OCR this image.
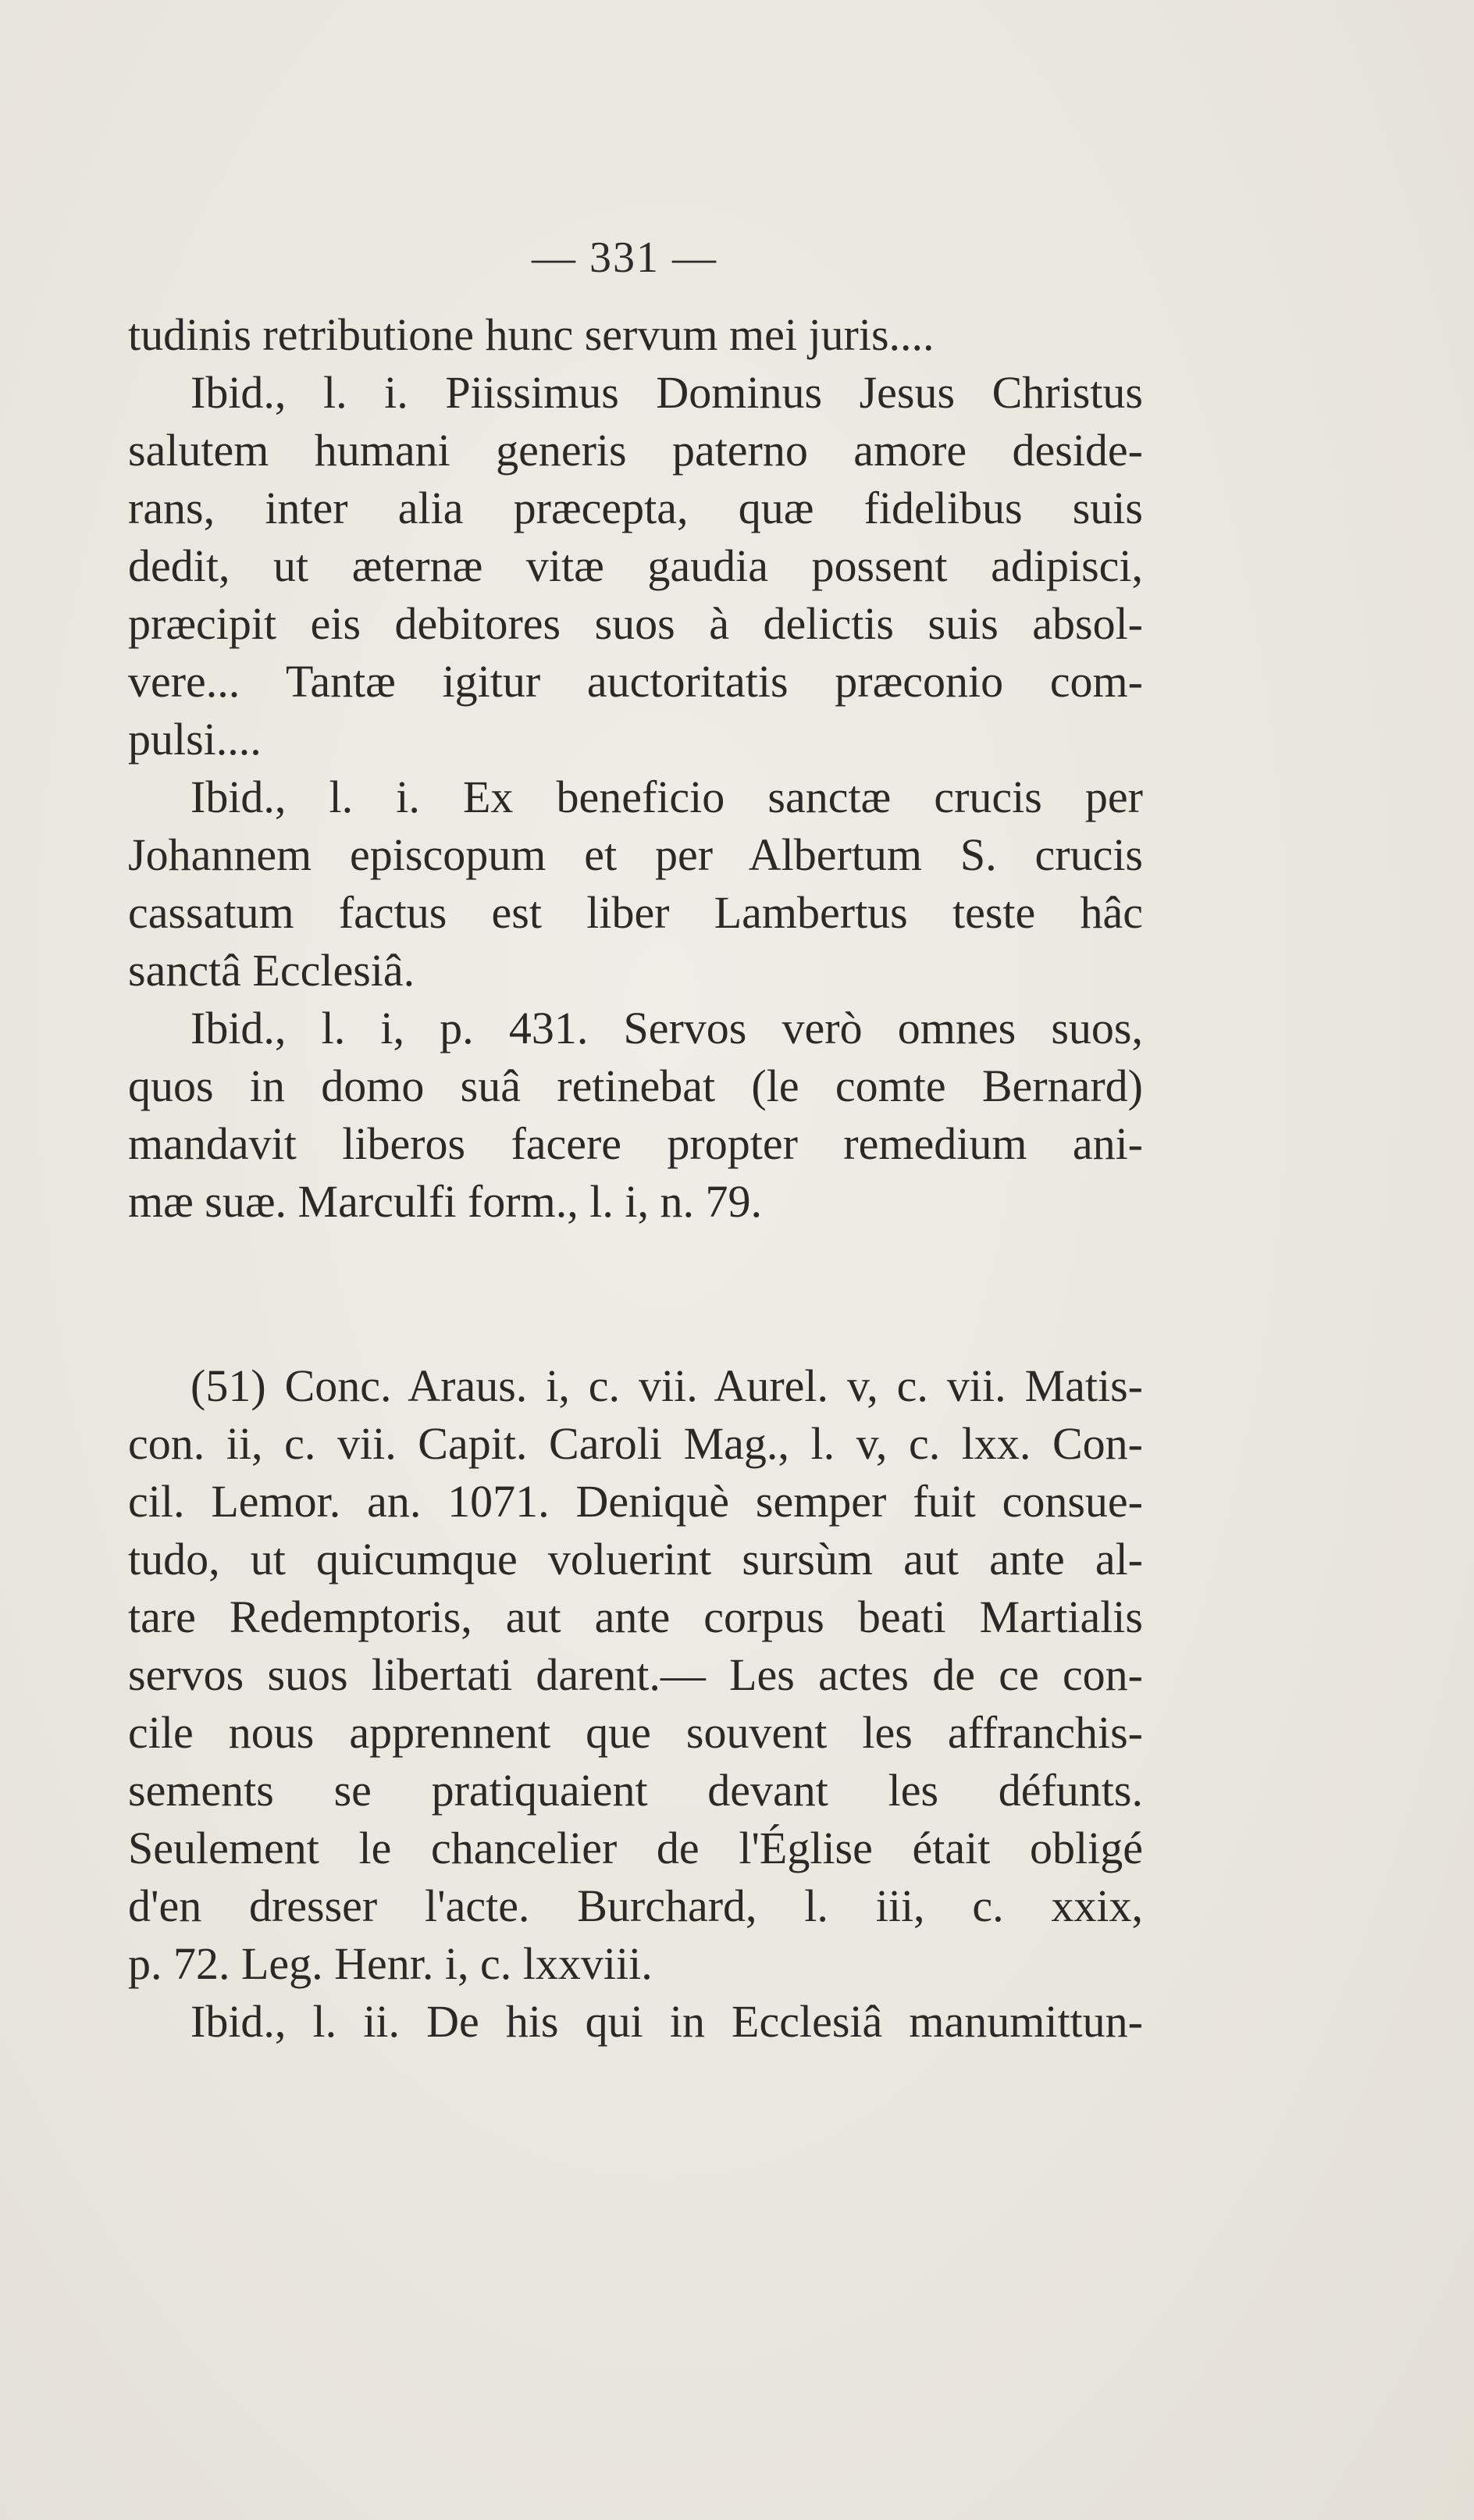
— 331 —
tudinis retributione hunc servum mei juris....
Ibid., l. i. Piissimus Dominus Jesus Christus
salutem humani generis paterno amore deside-
rans, inter alia præcepta, quæ fidelibus suis
dedit, ut æternæ vitæ gaudia possent adipisci,
præcipit eis debitores suos à delictis suis absol-
vere... Tantæ igitur auctoritatis præconio com-
pulsi....
Ibid., l. i. Ex beneficio sanctæ crucis per
Johannem episcopum et per Albertum S. crucis
cassatum factus est liber Lambertus teste hâc
sanctâ Ecclesiâ.
Ibid., l. i, p. 431. Servos verò omnes suos,
quos in domo suâ retinebat (le comte Bernard)
mandavit liberos facere propter remedium ani-
mæ suæ. Marculfi form., l. i, n. 79.
(51) Conc. Araus. i, c. vii. Aurel. v, c. vii. Matis-
con. ii, c. vii. Capit. Caroli Mag., l. v, c. lxx. Con-
cil. Lemor. an. 1071. Deniquè semper fuit consue-
tudo, ut quicumque voluerint sursùm aut ante al-
tare Redemptoris, aut ante corpus beati Martialis
servos suos libertati darent.— Les actes de ce con-
cile nous apprennent que souvent les affranchis-
sements se pratiquaient devant les défunts.
Seulement le chancelier de l'Église était obligé
d'en dresser l'acte. Burchard, l. iii, c. xxix,
p. 72. Leg. Henr. i, c. lxxviii.
Ibid., l. ii. De his qui in Ecclesiâ manumittun-
